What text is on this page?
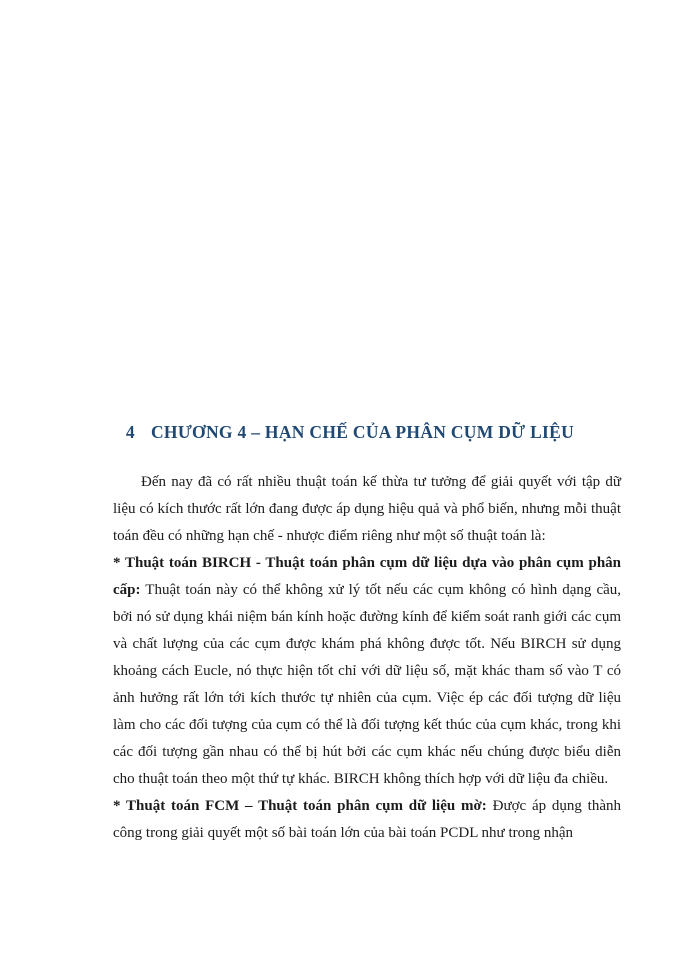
4 CHƯƠNG 4 – HẠN CHẾ CỦA PHÂN CỤM DỮ LIỆU

Đến nay đã có rất nhiều thuật toán kế thừa tư tưởng để giải quyết với tập dữ liệu có kích thước rất lớn đang được áp dụng hiệu quả và phổ biến, nhưng mỗi thuật toán đều có những hạn chế - nhược điểm riêng như một số thuật toán là:

* Thuật toán BIRCH - Thuật toán phân cụm dữ liệu dựa vào phân cụm phân cấp: Thuật toán này có thể không xử lý tốt nếu các cụm không có hình dạng cầu, bởi nó sử dụng khái niệm bán kính hoặc đường kính để kiểm soát ranh giới các cụm và chất lượng của các cụm được khám phá không được tốt. Nếu BIRCH sử dụng khoảng cách Eucle, nó thực hiện tốt chỉ với dữ liệu số, mặt khác tham số vào T có ảnh hưởng rất lớn tới kích thước tự nhiên của cụm. Việc ép các đối tượng dữ liệu làm cho các đối tượng của cụm có thể là đối tượng kết thúc của cụm khác, trong khi các đối tượng gần nhau có thể bị hút bởi các cụm khác nếu chúng được biểu diễn cho thuật toán theo một thứ tự khác. BIRCH không thích hợp với dữ liệu đa chiều.

* Thuật toán FCM – Thuật toán phân cụm dữ liệu mờ: Được áp dụng thành công trong giải quyết một số bài toán lớn của bài toán PCDL như trong nhận
